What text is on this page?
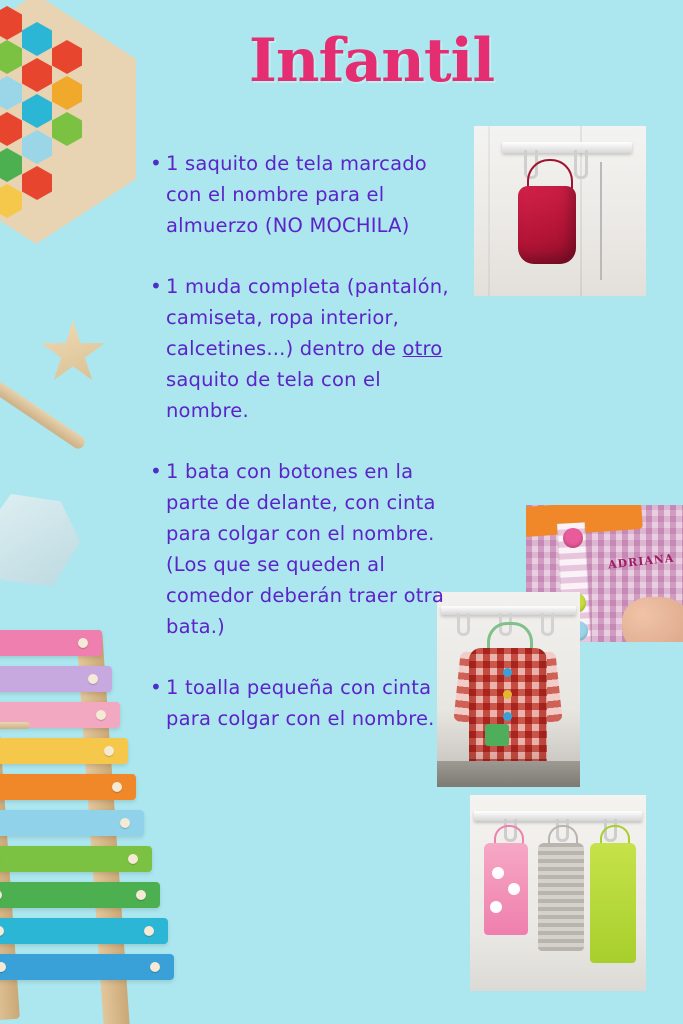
Infantil
ADRIANA
• 1 saquito de tela marcado con el nombre para el almuerzo (NO MOCHILA)
• 1 muda completa (pantalón, camiseta, ropa interior, calcetines...) dentro de otro saquito de tela con el nombre.
• 1 bata con botones en la parte de delante, con cinta para colgar con el nombre. (Los que se queden al comedor deberán traer otra bata.)
• 1 toalla pequeña con cinta para colgar con el nombre.
